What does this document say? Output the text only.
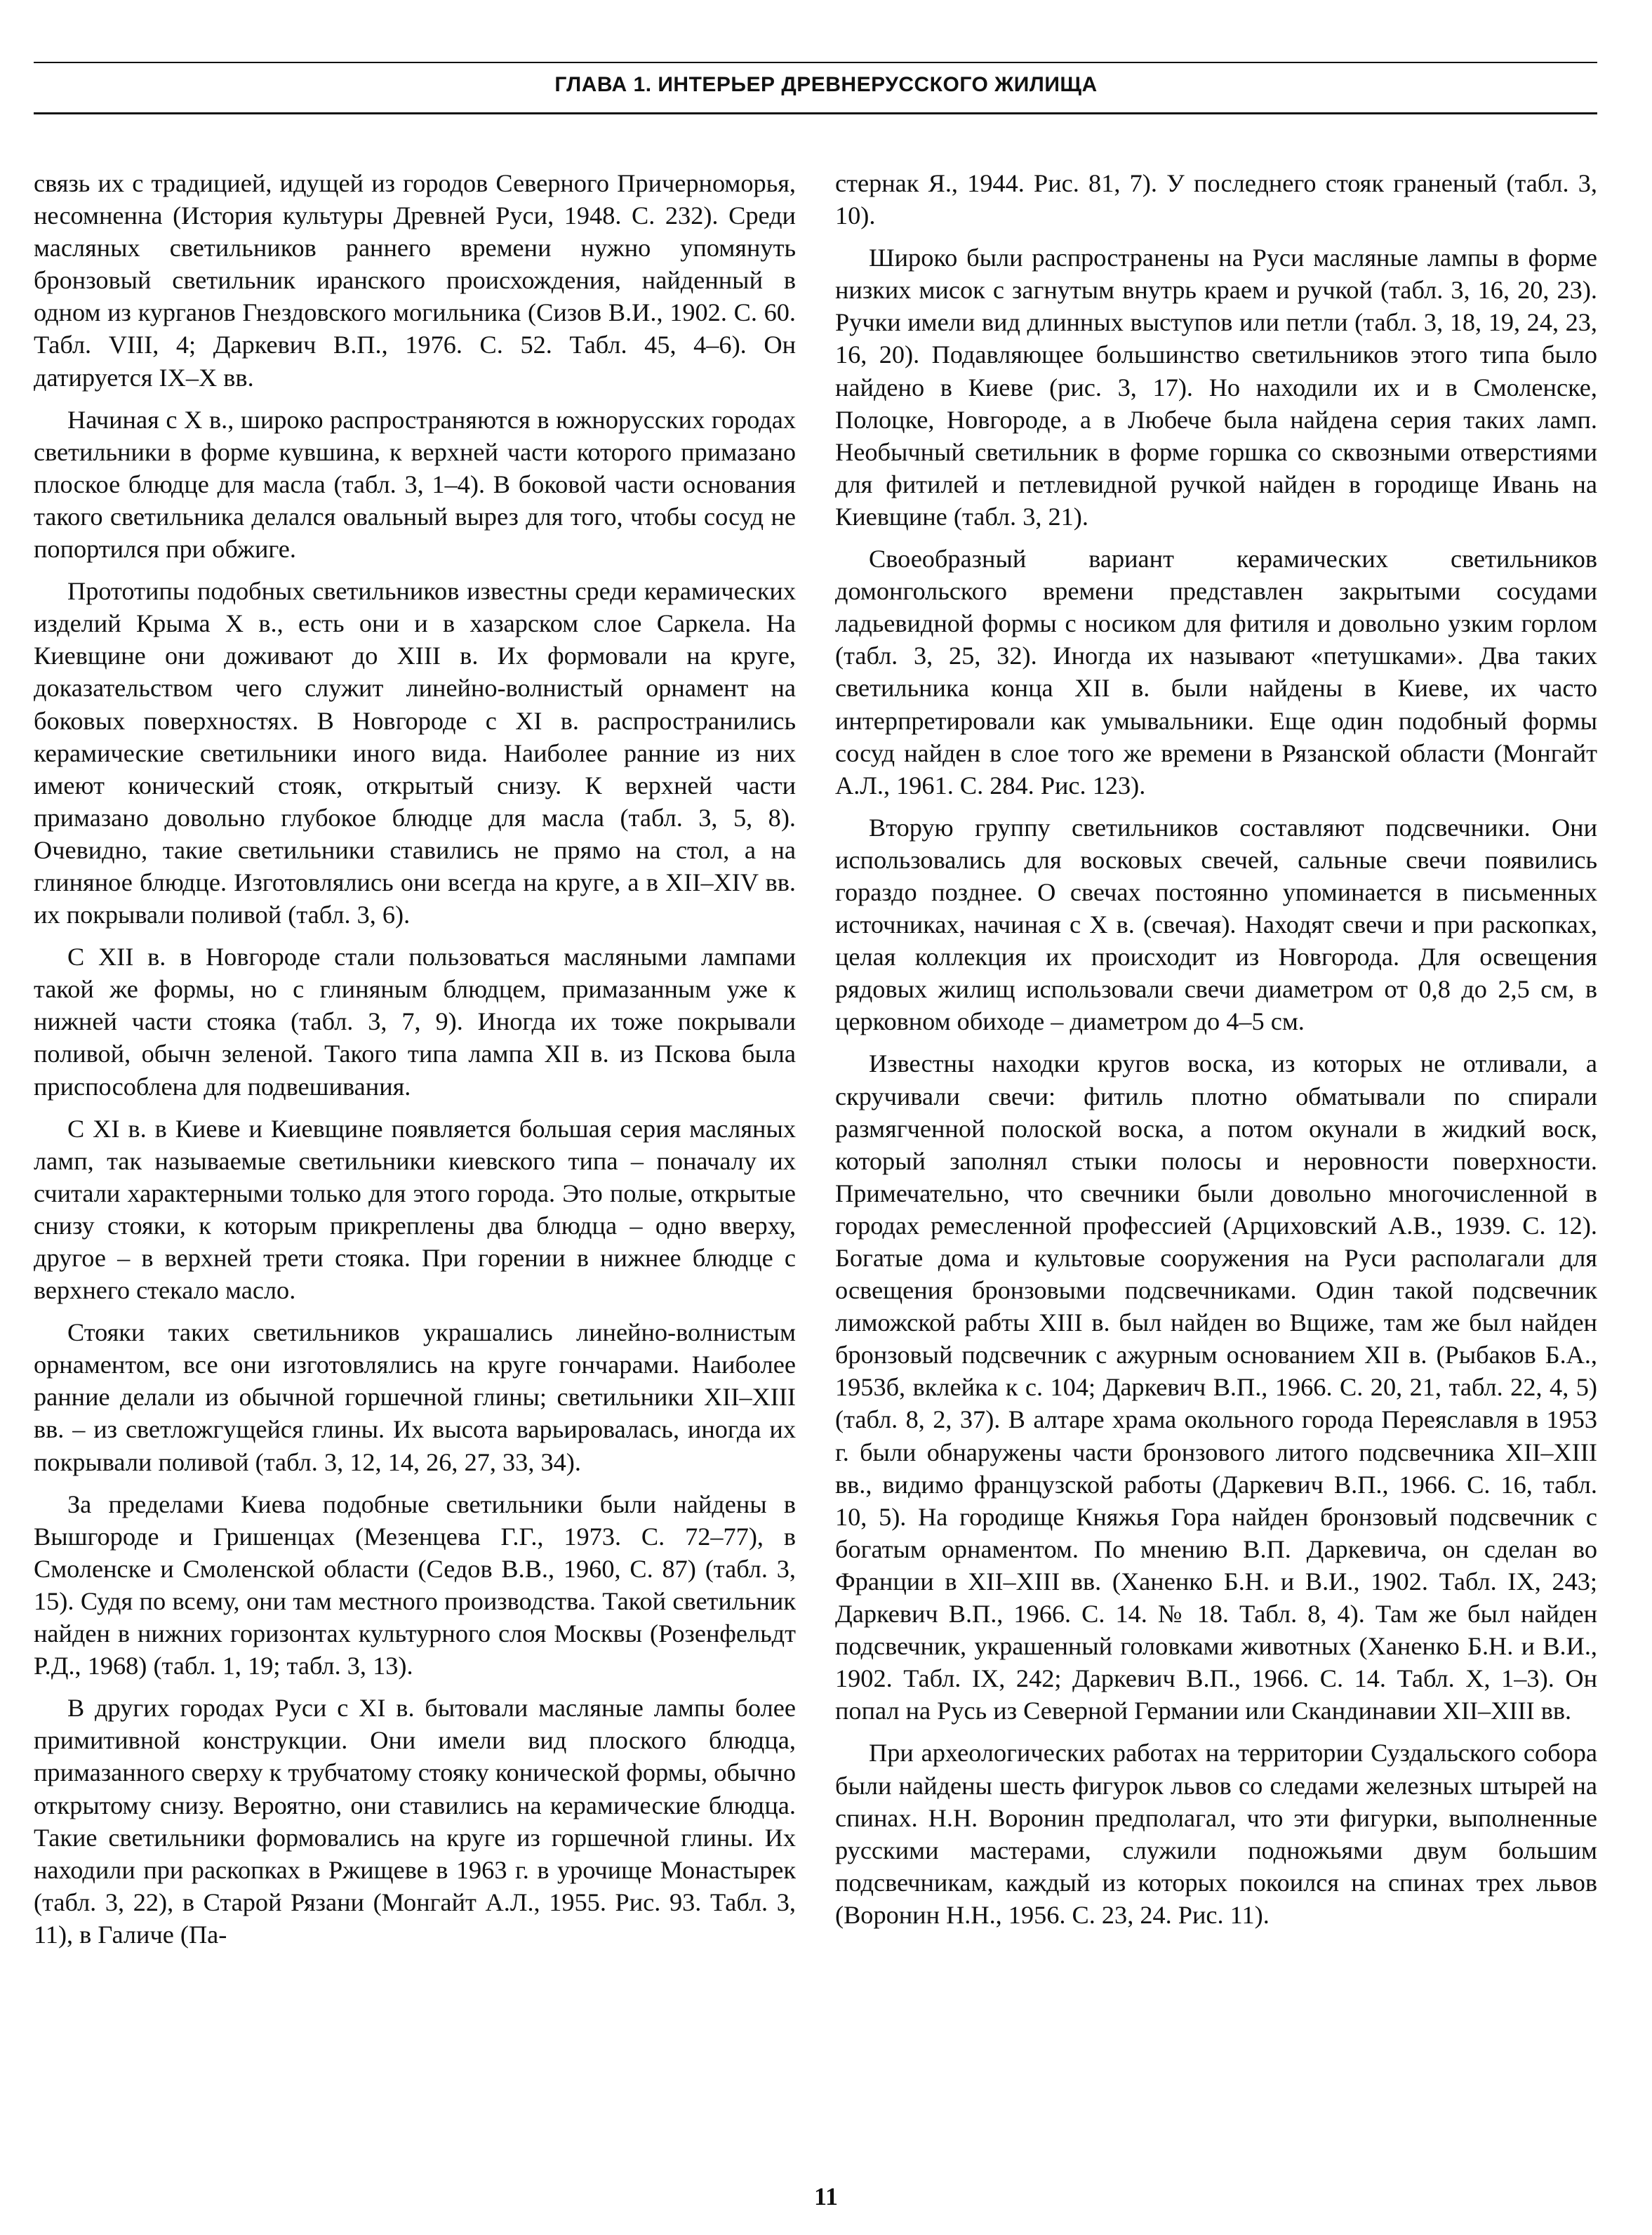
ГЛАВА 1. ИНТЕРЬЕР ДРЕВНЕРУССКОГО ЖИЛИЩА

связь их с традицией, идущей из городов Северного Причерноморья, несомненна (История культуры Древней Руси, 1948. С. 232). Среди масляных светильников раннего времени нужно упомянуть бронзовый светильник иранского происхождения, найденный в одном из курганов Гнездовского могильника (Сизов В.И., 1902. С. 60. Табл. VIII, 4; Даркевич В.П., 1976. С. 52. Табл. 45, 4–6). Он датируется IX–X вв.

Начиная с X в., широко распространяются в южнорусских городах светильники в форме кувшина, к верхней части которого примазано плоское блюдце для масла (табл. 3, 1–4). В боковой части основания такого светильника делался овальный вырез для того, чтобы сосуд не попортился при обжиге.

Прототипы подобных светильников известны среди керамических изделий Крыма X в., есть они и в хазарском слое Саркела. На Киевщине они доживают до XIII в. Их формовали на круге, доказательством чего служит линейно-волнистый орнамент на боковых поверхностях. В Новгороде с XI в. распространились керамические светильники иного вида. Наиболее ранние из них имеют конический стояк, открытый снизу. К верхней части примазано довольно глубокое блюдце для масла (табл. 3, 5, 8). Очевидно, такие светильники ставились не прямо на стол, а на глиняное блюдце. Изготовлялись они всегда на круге, а в XII–XIV вв. их покрывали поливой (табл. 3, 6).

С XII в. в Новгороде стали пользоваться масляными лампами такой же формы, но с глиняным блюдцем, примазанным уже к нижней части стояка (табл. 3, 7, 9). Иногда их тоже покрывали поливой, обычн зеленой. Такого типа лампа XII в. из Пскова была приспособлена для подвешивания.

С XI в. в Киеве и Киевщине появляется большая серия масляных ламп, так называемые светильники киевского типа – поначалу их считали характерными только для этого города. Это полые, открытые снизу стояки, к которым прикреплены два блюдца – одно вверху, другое – в верхней трети стояка. При горении в нижнее блюдце с верхнего стекало масло.

Стояки таких светильников украшались линейно-волнистым орнаментом, все они изготовлялись на круге гончарами. Наиболее ранние делали из обычной горшечной глины; светильники XII–XIII вв. – из светложгущейся глины. Их высота варьировалась, иногда их покрывали поливой (табл. 3, 12, 14, 26, 27, 33, 34).

За пределами Киева подобные светильники были найдены в Вышгороде и Гришенцах (Мезенцева Г.Г., 1973. С. 72–77), в Смоленске и Смоленской области (Седов В.В., 1960, С. 87) (табл. 3, 15). Судя по всему, они там местного производства. Такой светильник найден в нижних горизонтах культурного слоя Москвы (Розенфельдт Р.Д., 1968) (табл. 1, 19; табл. 3, 13).

В других городах Руси с XI в. бытовали масляные лампы более примитивной конструкции. Они имели вид плоского блюдца, примазанного сверху к трубчатому стояку конической формы, обычно открытому снизу. Вероятно, они ставились на керамические блюдца. Такие светильники формовались на круге из горшечной глины. Их находили при раскопках в Ржищеве в 1963 г. в урочище Монастырек (табл. 3, 22), в Старой Рязани (Монгайт А.Л., 1955. Рис. 93. Табл. 3, 11), в Галиче (Па-

стернак Я., 1944. Рис. 81, 7). У последнего стояк граненый (табл. 3, 10).

Широко были распространены на Руси масляные лампы в форме низких мисок с загнутым внутрь краем и ручкой (табл. 3, 16, 20, 23). Ручки имели вид длинных выступов или петли (табл. 3, 18, 19, 24, 23, 16, 20). Подавляющее большинство светильников этого типа было найдено в Киеве (рис. 3, 17). Но находили их и в Смоленске, Полоцке, Новгороде, а в Любече была найдена серия таких ламп. Необычный светильник в форме горшка со сквозными отверстиями для фитилей и петлевидной ручкой найден в городище Ивань на Киевщине (табл. 3, 21).

Своеобразный вариант керамических светильников домонгольского времени представлен закрытыми сосудами ладьевидной формы с носиком для фитиля и довольно узким горлом (табл. 3, 25, 32). Иногда их называют «петушками». Два таких светильника конца XII в. были найдены в Киеве, их часто интерпретировали как умывальники. Еще один подобный формы сосуд найден в слое того же времени в Рязанской области (Монгайт А.Л., 1961. С. 284. Рис. 123).

Вторую группу светильников составляют подсвечники. Они использовались для восковых свечей, сальные свечи появились гораздо позднее. О свечах постоянно упоминается в письменных источниках, начиная с X в. (свечая). Находят свечи и при раскопках, целая коллекция их происходит из Новгорода. Для освещения рядовых жилищ использовали свечи диаметром от 0,8 до 2,5 см, в церковном обиходе – диаметром до 4–5 см.

Известны находки кругов воска, из которых не отливали, а скручивали свечи: фитиль плотно обматывали по спирали размягченной полоской воска, а потом окунали в жидкий воск, который заполнял стыки полосы и неровности поверхности. Примечательно, что свечники были довольно многочисленной в городах ремесленной профессией (Арциховский А.В., 1939. С. 12). Богатые дома и культовые сооружения на Руси располагали для освещения бронзовыми подсвечниками. Один такой подсвечник лиможской рабты XIII в. был найден во Вщиже, там же был найден бронзовый подсвечник с ажурным основанием XII в. (Рыбаков Б.А., 1953б, вклейка к с. 104; Даркевич В.П., 1966. С. 20, 21, табл. 22, 4, 5) (табл. 8, 2, 37). В алтаре храма окольного города Переяславля в 1953 г. были обнаружены части бронзового литого подсвечника XII–XIII вв., видимо французской работы (Даркевич В.П., 1966. С. 16, табл. 10, 5). На городище Княжья Гора найден бронзовый подсвечник с богатым орнаментом. По мнению В.П. Даркевича, он сделан во Франции в XII–XIII вв. (Ханенко Б.Н. и В.И., 1902. Табл. IX, 243; Даркевич В.П., 1966. С. 14. № 18. Табл. 8, 4). Там же был найден подсвечник, украшенный головками животных (Ханенко Б.Н. и В.И., 1902. Табл. IX, 242; Даркевич В.П., 1966. С. 14. Табл. X, 1–3). Он попал на Русь из Северной Германии или Скандинавии XII–XIII вв.

При археологических работах на территории Суздальского собора были найдены шесть фигурок львов со следами железных штырей на спинах. Н.Н. Воронин предполагал, что эти фигурки, выполненные русскими мастерами, служили подножьями двум большим подсвечникам, каждый из которых покоился на спинах трех львов (Воронин Н.Н., 1956. С. 23, 24. Рис. 11).

11
